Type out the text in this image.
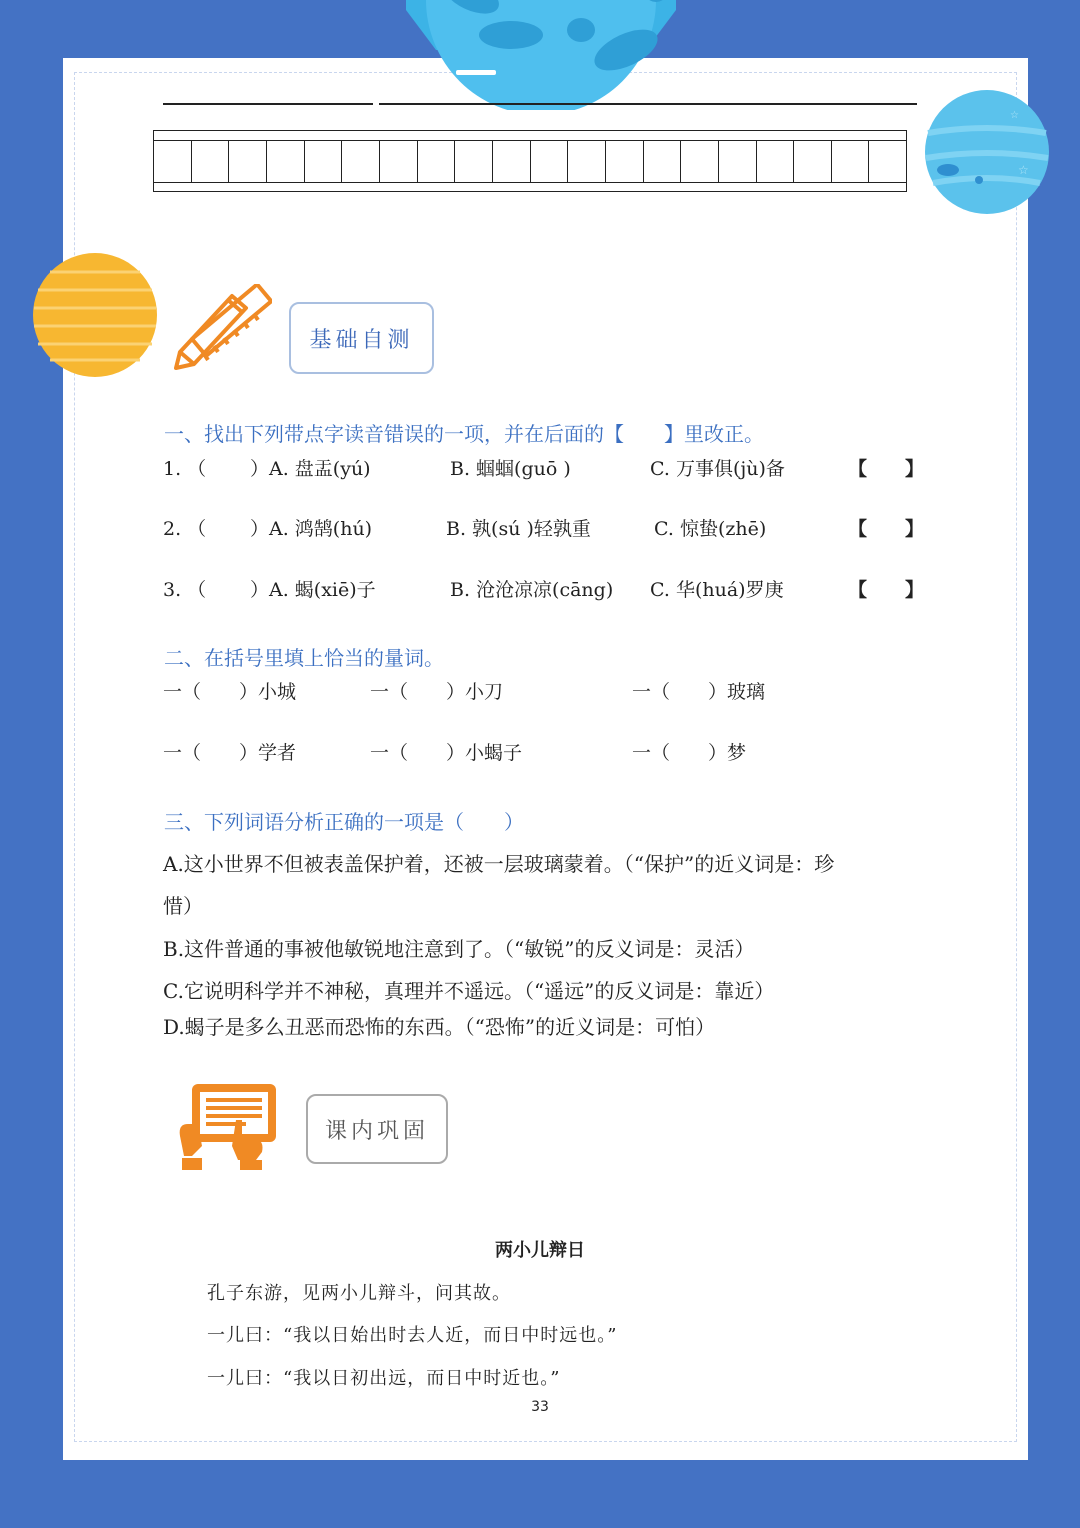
☆
☆
基础自测
一、找出下列带点字读音错误的一项，并在后面的【　　】里改正。
1. （ ）A. 盘盂(yú)	B. 蝈蝈(guō )	C. 万事俱(jù)备	【 】
2. （ ）A. 鸿鹄(hú)	B. 孰(sú )轻孰重	C. 惊蛰(zhē)	【 】
3. （ ）A. 蝎(xiē)子	B. 沧沧凉凉(cāng) C. 华(huá)罗庚	【 】
二、在括号里填上恰当的量词。
一（　　）小城	一（　　）小刀	一（　　）玻璃
一（　　）学者	一（　　）小蝎子	一（　　）梦
三、下列词语分析正确的一项是（　　）
A.这小世界不但被表盖保护着，还被一层玻璃蒙着。（“保护”的近义词是：珍
惜）
B.这件普通的事被他敏锐地注意到了。（“敏锐”的反义词是：灵活）
C.它说明科学并不神秘，真理并不遥远。（“遥远”的反义词是：靠近）
D.蝎子是多么丑恶而恐怖的东西。（“恐怖”的近义词是：可怕）
课内巩固
两小儿辩日
孔子东游，见两小儿辩斗，问其故。
一儿曰：“我以日始出时去人近，而日中时远也。”
一儿曰：“我以日初出远，而日中时近也。”
33
